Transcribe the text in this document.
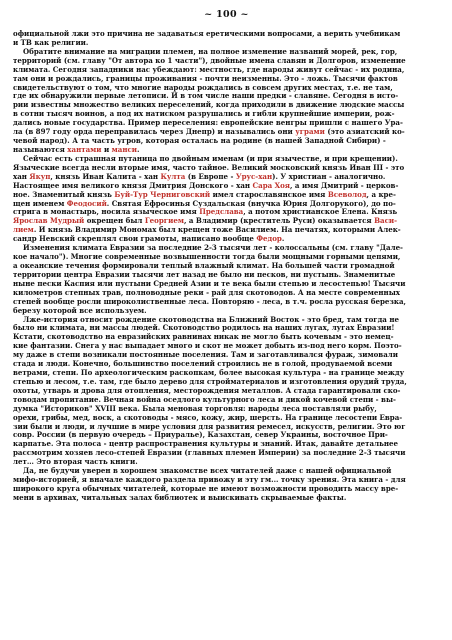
~ 100 ~
официальной лжи это причина не задаваться еретическими вопросами, а верить учебникам
и ТВ как религии.
Обратите внимание на миграции племен, на полное изменение названий морей, рек, гор,
территорий (см. главу "От автора ко 1 части"), двойные имена славян и Долгоров, изменение
климата. Сегодня западники нас убеждают: местность, где народы живут сейчас - их родина,
там они и рождались, границы проживания - почти неизменны. Это - ложь. Тысячи фактов
свидетельствуют о том, что многие народы рождались в совсем других местах, т.е. не там,
где их обнаружили первые летописи. И в том числе наши предки - славяне. Сегодня в исто-
рии известны множество великих переселений, когда приходили в движение людские массы
в сотни тысяч воинов, а под их натиском разрушались и гибли крупнейшие империи, рож-
дались новые государства. Пример переселения: европейские венгры пришли с нашего Ура-
ла (в 897 году орда переправилась через Днепр) и назывались они уграми (это азиатский ко-
чевой народ). А та часть угров, которая осталась на родине (в нашей Западной Сибири) -
называются хантами и манси.
Сейчас есть страшная путаница по двойным именам (и при язычестве, и при крещении).
Языческие всегда несли вторые имя, часто тайное. Великий московский князь Иван III - это
хан Якуп, князь Иван Калита - хан Култа (в Европе - Урус-хан). У христиан - аналогично.
Настоящее имя великого князя Дмитрия Донского - хан Сара Хоя, а имя Дмитрий - церков-
ное. Знаменитый князь Буй-Тур Черниговский имел старославянское имя Всеволод, а кре-
щен именем Феодосий. Святая Ефросинья Суздальская (внучка Юрия Долгорукого), до по-
стрига в монастырь, носила языческое имя Предслава, а потом христианское Елена. Князь
Ярослав Мудрый окрещен был Георгием, а Владимир (креститель Руси) оказывается Васи-
лием. И князь Владимир Мономах был крещен тоже Василием. На печатях, которыми Алек-
сандр Невский скреплял свои грамоты, написано вообще Федор.
Изменения климата Евразии за последние 2-3 тысячи лет - колоссальны (см. главу "Дале-
кое начало"). Многие современные возвышенности тогда были мощными горными цепями,
а океанские течения формировали теплый влажный климат. На большей части громадной
территории центра Евразии тысячи лет назад не было ни песков, ни пустынь. Знаменитые
ныне пески Каспия или пустыни Средней Азии и те века были степью и лесостепью! Тысячи
километров степных трав, полноводные реки - рай для скотоводов. А на месте современных
степей вообще росли широколиственные леса. Повторяю - леса, в т.ч. росла русская березка,
березу которой все используем.
Лже-история относит рождение скотоводства на Ближний Восток - это бред, там тогда не
было ни климата, ни массы людей. Скотоводство родилось на наших лугах, лугах Евразии!
Кстати, скотоводство на евразийских равнинах никак не могло быть кочевым - это немец-
кие фантазии. Снега у нас выпадает много и скот не может добыть из-под него корм. Поэто-
му даже в степи возникали постоянные поселения. Там и заготавливался фураж, зимовали
стада и люди. Конечно, большинство поселений строились не в голой, продуваемой всеми
ветрами, степи. По археологическим раскопкам, более высокая культура - на границе между
степью и лесом, т.е. там, где было дерево для стройматериалов и изготовления орудий труда,
охоты, утварь и дрова для отопления, месторождения металлов. А стада гарантировали ско-
товодам пропитание. Вечная война оседлого культурного леса и дикой кочевой степи - вы-
думка "Историков" XVIII века. Была меновая торговля: народы леса поставляли рыбу,
орехи, грибы, мед, воск, а скотоводы - мясо, кожу, жир, шерсть. На границе лесостепи Евра-
зии были и люди, и лучшие в мире условия для развития ремесел, искусств, религии. Это юг
совр. России (в первую очередь – Приуралье), Казахстан, север Украины, восточное При-
карпатье. Эта полоса - центр распространения культуры и знаний. Итак, давайте детальнее
рассмотрим хозяев лесо-степей Евразии (главных племен Империи) за последние 2-3 тысячи
лет… Это вторая часть книги.
Да, не будучи уверен в хорошем знакомстве всех читателей даже с нашей официальной
мифо-историей, я вначале каждого раздела привожу и эту гм... точку зрения. Эта книга - для
широкого круга обычных читателей, которые не имеют возможности проводить массу вре-
мени в архивах, читальных залах библиотек и выискивать скрываемые факты.
